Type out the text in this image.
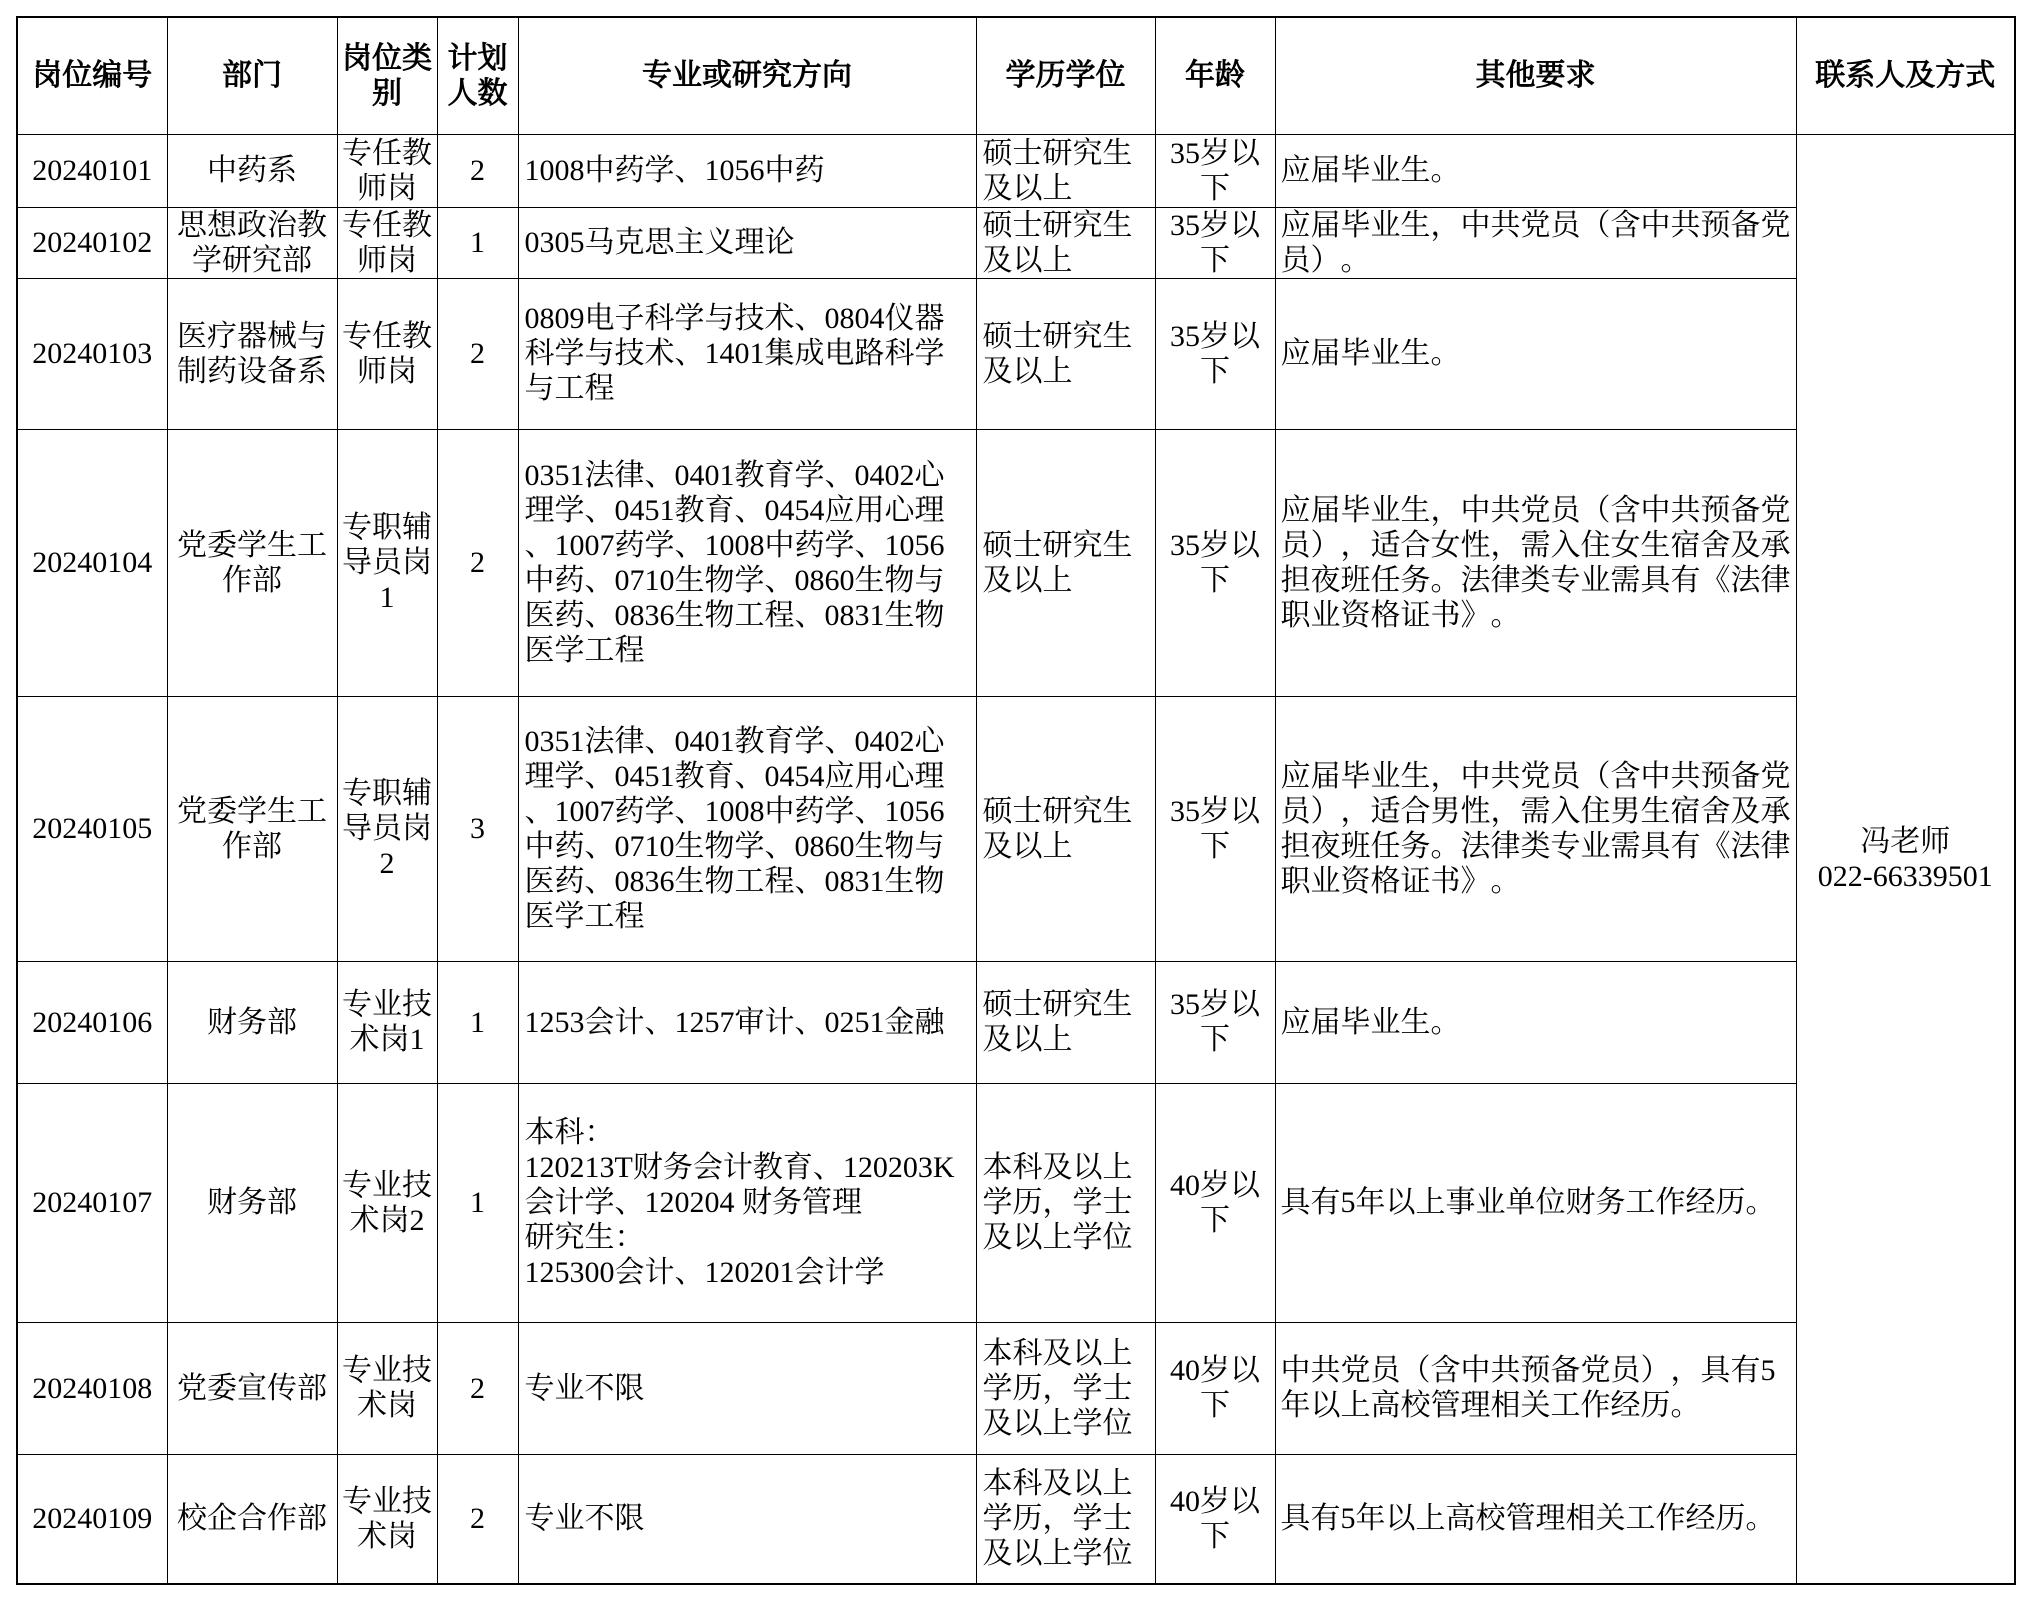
岗位编号	部门	岗位类别	计划人数	专业或研究方向	学历学位	年龄	其他要求	联系人及方式

20240101	中药系	专任教师岗	2	1008中药学、1056中药	硕士研究生及以上	35岁以下	应届毕业生。	冯老师
022-66339501

20240102	思想政治教学研究部	专任教师岗	1	0305马克思主义理论	硕士研究生及以上	35岁以下	应届毕业生，中共党员（含中共预备党员）。	

20240103	医疗器械与制药设备系	专任教师岗	2	0809电子科学与技术、0804仪器科学与技术、1401集成电路科学与工程	硕士研究生及以上	35岁以下	应届毕业生。	

20240104	党委学生工作部	专职辅导员岗1	2	0351法律、0401教育学、0402心理学、0451教育、0454应用心理、1007药学、1008中药学、1056中药、0710生物学、0860生物与医药、0836生物工程、0831生物医学工程	硕士研究生及以上	35岁以下	应届毕业生，中共党员（含中共预备党员），适合女性，需入住女生宿舍及承担夜班任务。法律类专业需具有《法律职业资格证书》。	

20240105	党委学生工作部	专职辅导员岗2	3	0351法律、0401教育学、0402心理学、0451教育、0454应用心理、1007药学、1008中药学、1056中药、0710生物学、0860生物与医药、0836生物工程、0831生物医学工程	硕士研究生及以上	35岁以下	应届毕业生，中共党员（含中共预备党员），适合男性，需入住男生宿舍及承担夜班任务。法律类专业需具有《法律职业资格证书》。	

20240106	财务部	专业技术岗1	1	1253会计、1257审计、0251金融	硕士研究生及以上	35岁以下	应届毕业生。	

20240107	财务部	专业技术岗2	1	本科：
120213T财务会计教育、120203K会计学、120204 财务管理
研究生：
125300会计、120201会计学	本科及以上学历，学士及以上学位	40岁以下	具有5年以上事业单位财务工作经历。	

20240108	党委宣传部	专业技术岗	2	专业不限	本科及以上学历，学士及以上学位	40岁以下	中共党员（含中共预备党员），具有5年以上高校管理相关工作经历。	

20240109	校企合作部	专业技术岗	2	专业不限	本科及以上学历，学士及以上学位	40岁以下	具有5年以上高校管理相关工作经历。	
